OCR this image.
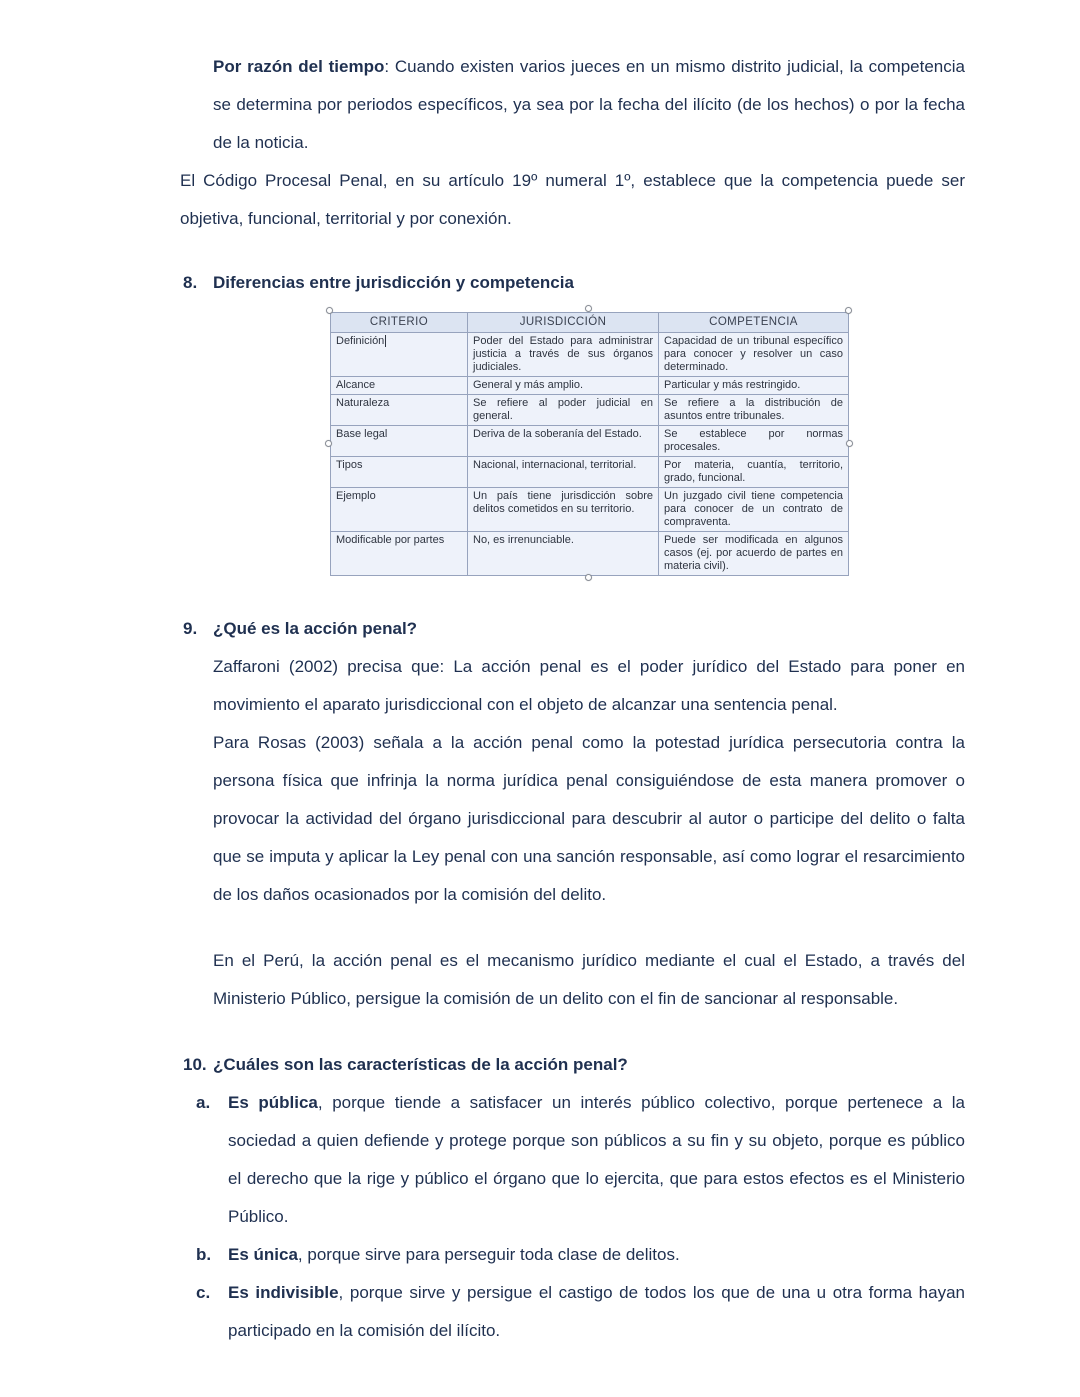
Por razón del tiempo: Cuando existen varios jueces en un mismo distrito judicial, la competencia se determina por periodos específicos, ya sea por la fecha del ilícito (de los hechos) o por la fecha de la noticia.

El Código Procesal Penal, en su artículo 19º numeral 1º, establece que la competencia puede ser objetiva, funcional, territorial y por conexión.

8. Diferencias entre jurisdicción y competencia
CRITERIO	JURISDICCIÓN	COMPETENCIA
Definición	Poder del Estado para administrar justicia a través de sus órganos judiciales.	Capacidad de un tribunal específico para conocer y resolver un caso determinado.
Alcance	General y más amplio.	Particular y más restringido.
Naturaleza	Se refiere al poder judicial en general.	Se refiere a la distribución de asuntos entre tribunales.
Base legal	Deriva de la soberanía del Estado.	Se establece por normas procesales.
Tipos	Nacional, internacional, territorial.	Por materia, cuantía, territorio, grado, funcional.
Ejemplo	Un país tiene jurisdicción sobre delitos cometidos en su territorio.	Un juzgado civil tiene competencia para conocer de un contrato de compraventa.
Modificable por partes	No, es irrenunciable.	Puede ser modificada en algunos casos (ej. por acuerdo de partes en materia civil).
9. ¿Qué es la acción penal?

Zaffaroni (2002) precisa que: La acción penal es el poder jurídico del Estado para poner en movimiento el aparato jurisdiccional con el objeto de alcanzar una sentencia penal.

Para Rosas (2003) señala a la acción penal como la potestad jurídica persecutoria contra la persona física que infrinja la norma jurídica penal consiguiéndose de esta manera promover o provocar la actividad del órgano jurisdiccional para descubrir al autor o participe del delito o falta que se imputa y aplicar la Ley penal con una sanción responsable, así como lograr el resarcimiento de los daños ocasionados por la comisión del delito.

En el Perú, la acción penal es el mecanismo jurídico mediante el cual el Estado, a través del Ministerio Público, persigue la comisión de un delito con el fin de sancionar al responsable.

10. ¿Cuáles son las características de la acción penal?
a.	Es pública, porque tiende a satisfacer un interés público colectivo, porque pertenece a la sociedad a quien defiende y protege porque son públicos a su fin y su objeto, porque es público el derecho que la rige y público el órgano que lo ejercita, que para estos efectos es el Ministerio Público.
b. Es única, porque sirve para perseguir toda clase de delitos.
c.	Es indivisible, porque sirve y persigue el castigo de todos los que de una u otra forma hayan participado en la comisión del ilícito.
